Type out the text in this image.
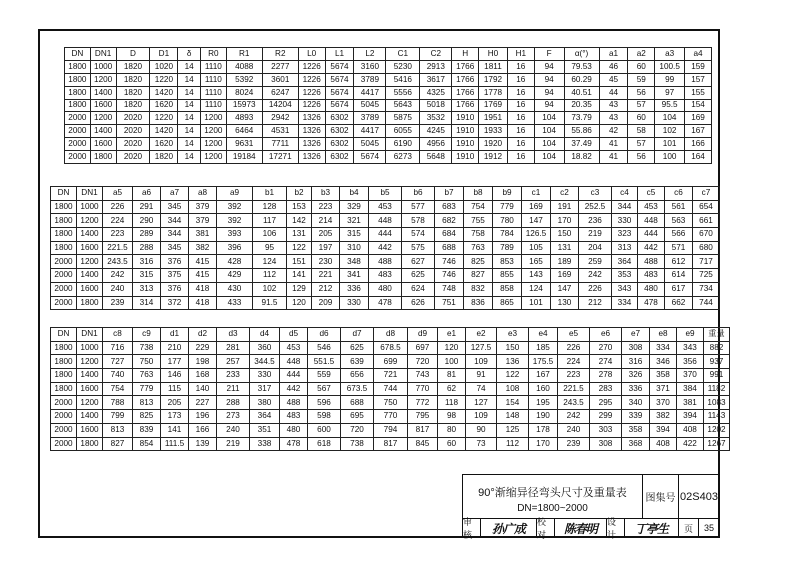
DN	DN1	D	D1	δ	R0	R1	R2	L0	L1	L2	C1	C2	H	H0	H1	F	α(°)	a1	a2	a3	a4
1800	1000	1820	1020	14	1110	4088	2277	1226	5674	3160	5230	2913	1766	1811	16	94	79.53	46	60	100.5	159
1800	1200	1820	1220	14	1110	5392	3601	1226	5674	3789	5416	3617	1766	1792	16	94	60.29	45	59	99	157
1800	1400	1820	1420	14	1110	8024	6247	1226	5674	4417	5556	4325	1766	1778	16	94	40.51	44	56	97	155
1800	1600	1820	1620	14	1110	15973	14204	1226	5674	5045	5643	5018	1766	1769	16	94	20.35	43	57	95.5	154
2000	1200	2020	1220	14	1200	4893	2942	1326	6302	3789	5875	3532	1910	1951	16	104	73.79	43	60	104	169
2000	1400	2020	1420	14	1200	6464	4531	1326	6302	4417	6055	4245	1910	1933	16	104	55.86	42	58	102	167
2000	1600	2020	1620	14	1200	9631	7711	1326	6302	5045	6190	4956	1910	1920	16	104	37.49	41	57	101	166
2000	1800	2020	1820	14	1200	19184	17271	1326	6302	5674	6273	5648	1910	1912	16	104	18.82	41	56	100	164
DN	DN1	a5	a6	a7	a8	a9	b1	b2	b3	b4	b5	b6	b7	b8	b9	c1	c2	c3	c4	c5	c6	c7
1800	1000	226	291	345	379	392	128	153	223	329	453	577	683	754	779	169	191	252.5	344	453	561	654
1800	1200	224	290	344	379	392	117	142	214	321	448	578	682	755	780	147	170	236	330	448	563	661
1800	1400	223	289	344	381	393	106	131	205	315	444	574	684	758	784	126.5	150	219	323	444	566	670
1800	1600	221.5	288	345	382	396	95	122	197	310	442	575	688	763	789	105	131	204	313	442	571	680
2000	1200	243.5	316	376	415	428	124	151	230	348	488	627	746	825	853	165	189	259	364	488	612	717
2000	1400	242	315	375	415	429	112	141	221	341	483	625	746	827	855	143	169	242	353	483	614	725
2000	1600	240	313	376	418	430	102	129	212	336	480	624	748	832	858	124	147	226	343	480	617	734
2000	1800	239	314	372	418	433	91.5	120	209	330	478	626	751	836	865	101	130	212	334	478	662	744
DN	DN1	c8	c9	d1	d2	d3	d4	d5	d6	d7	d8	d9	e1	e2	e3	e4	e5	e6	e7	e8	e9	重量
1800	1000	716	738	210	229	281	360	453	546	625	678.5	697	120	127.5	150	185	226	270	308	334	343	882
1800	1200	727	750	177	198	257	344.5	448	551.5	639	699	720	100	109	136	175.5	224	274	316	346	356	937
1800	1400	740	763	146	168	233	330	444	559	656	721	743	81	91	122	167	223	278	326	358	370	991
1800	1600	754	779	115	140	211	317	442	567	673.5	744	770	62	74	108	160	221.5	283	336	371	384	1182
2000	1200	788	813	205	227	288	380	488	596	688	750	772	118	127	154	195	243.5	295	340	370	381	1083
2000	1400	799	825	173	196	273	364	483	598	695	770	795	98	109	148	190	242	299	339	382	394	1143
2000	1600	813	839	141	166	240	351	480	600	720	794	817	80	90	125	178	240	303	358	394	408	1202
2000	1800	827	854	111.5	139	219	338	478	618	738	817	845	60	73	112	170	239	308	368	408	422	1267
90°渐缩异径弯头尺寸及重量表
DN=1800~2000
图集号 02S403
审核	孙广成	校对	陈春明	设计	丁亭生	页	35
